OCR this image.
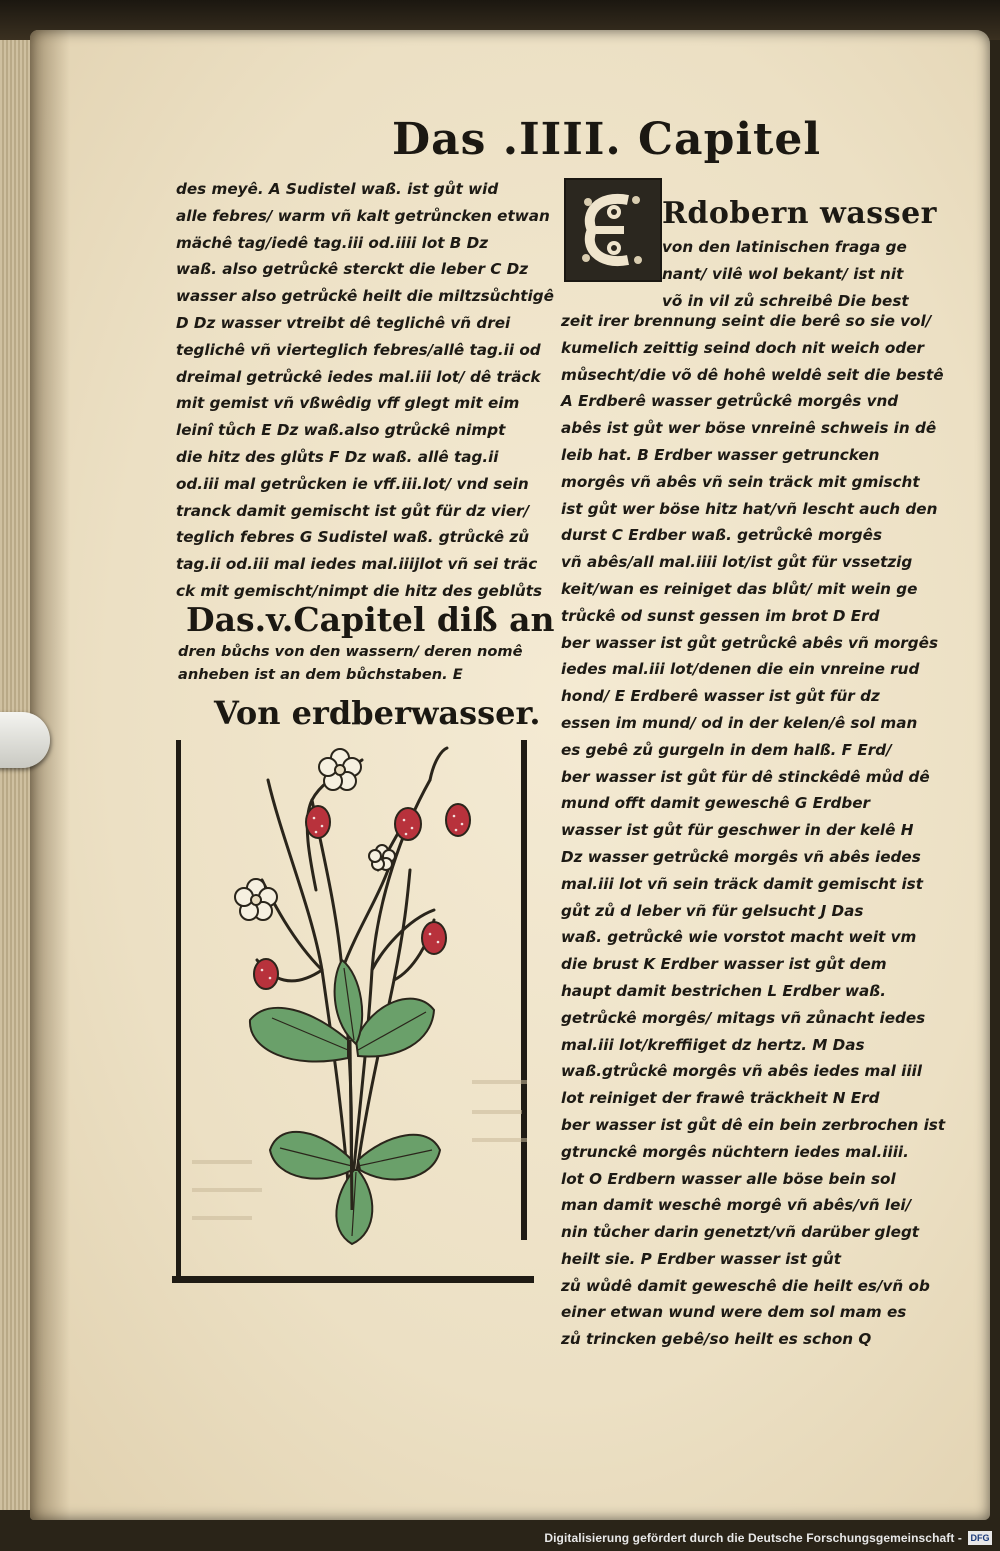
Das .IIII. Capitel
des meyê. A Sudistel waß. ist gůt wid
alle febres/ warm vñ kalt getrůncken etwan
mächê tag/iedê tag.iii od.iiii lot B Dz
waß. also getrůckê sterckt die leber C Dz
wasser also getrůckê heilt die miltzsůchtigê
D Dz wasser vtreibt dê teglichê vñ drei
teglichê vñ vierteglich febres/allê tag.ii od
dreimal getrůckê iedes mal.iii lot/ dê träck
mit gemist vñ vßwêdig vff glegt mit eim
leinî tůch E Dz waß.also gtrůckê nimpt
die hitz des glůts F Dz waß. allê tag.ii
od.iii mal getrůcken ie vff.iii.lot/ vnd sein
tranck damit gemischt ist gůt für dz vier/
teglich febres G Sudistel waß. gtrůckê zů
tag.ii od.iii mal iedes mal.iiijlot vñ sei träc
ck mit gemischt/nimpt die hitz des geblůts
Das.v.Capitel diß an
dren bůchs von den wassern/ deren nomê
anheben ist an dem bůchstaben. E
Von erdberwasser.
Rdobern wasser
von den latinischen fraga ge
nant/ vilê wol bekant/ ist nit
võ in vil zů schreibê Die best
zeit irer brennung seint die berê so sie vol/
kumelich zeittig seind doch nit weich oder
můsecht/die võ dê hohê weldê seit die bestê
A Erdberê wasser getrůckê morgês vnd
abês ist gůt wer böse vnreinê schweis in dê
leib hat. B Erdber wasser getruncken
morgês vñ abês vñ sein träck mit gmischt
ist gůt wer böse hitz hat/vñ lescht auch den
durst C Erdber waß. getrůckê morgês
vñ abês/all mal.iiii lot/ist gůt für vssetzig
keit/wan es reiniget das blůt/ mit wein ge
trůckê od sunst gessen im brot D Erd
ber wasser ist gůt getrůckê abês vñ morgês
iedes mal.iii lot/denen die ein vnreine rud
hond/ E Erdberê wasser ist gůt für dz
essen im mund/ od in der kelen/ê sol man
es gebê zů gurgeln in dem halß. F Erd/
ber wasser ist gůt für dê stinckêdê můd dê
mund offt damit geweschê G Erdber
wasser ist gůt für geschwer in der kelê H
Dz wasser getrůckê morgês vñ abês iedes
mal.iii lot vñ sein träck damit gemischt ist
gůt zů d leber vñ für gelsucht J Das
waß. getrůckê wie vorstot macht weit vm
die brust K Erdber wasser ist gůt dem
haupt damit bestrichen L Erdber waß.
getrůckê morgês/ mitags vñ zůnacht iedes
mal.iii lot/kreffiiget dz hertz. M Das
waß.gtrůckê morgês vñ abês iedes mal iiil
lot reiniget der frawê träckheit N Erd
ber wasser ist gůt dê ein bein zerbrochen ist
gtrunckê morgês nüchtern iedes mal.iiii.
lot O Erdbern wasser alle böse bein sol
man damit weschê morgê vñ abês/vñ lei/
nin tůcher darin genetzt/vñ darüber glegt
heilt sie. P Erdber wasser ist gůt
zů wůdê damit geweschê die heilt es/vñ ob
einer etwan wund were dem sol mam es
zů trincken gebê/so heilt es schon Q
Digitalisierung gefördert durch die Deutsche Forschungsgemeinschaft - DFG
